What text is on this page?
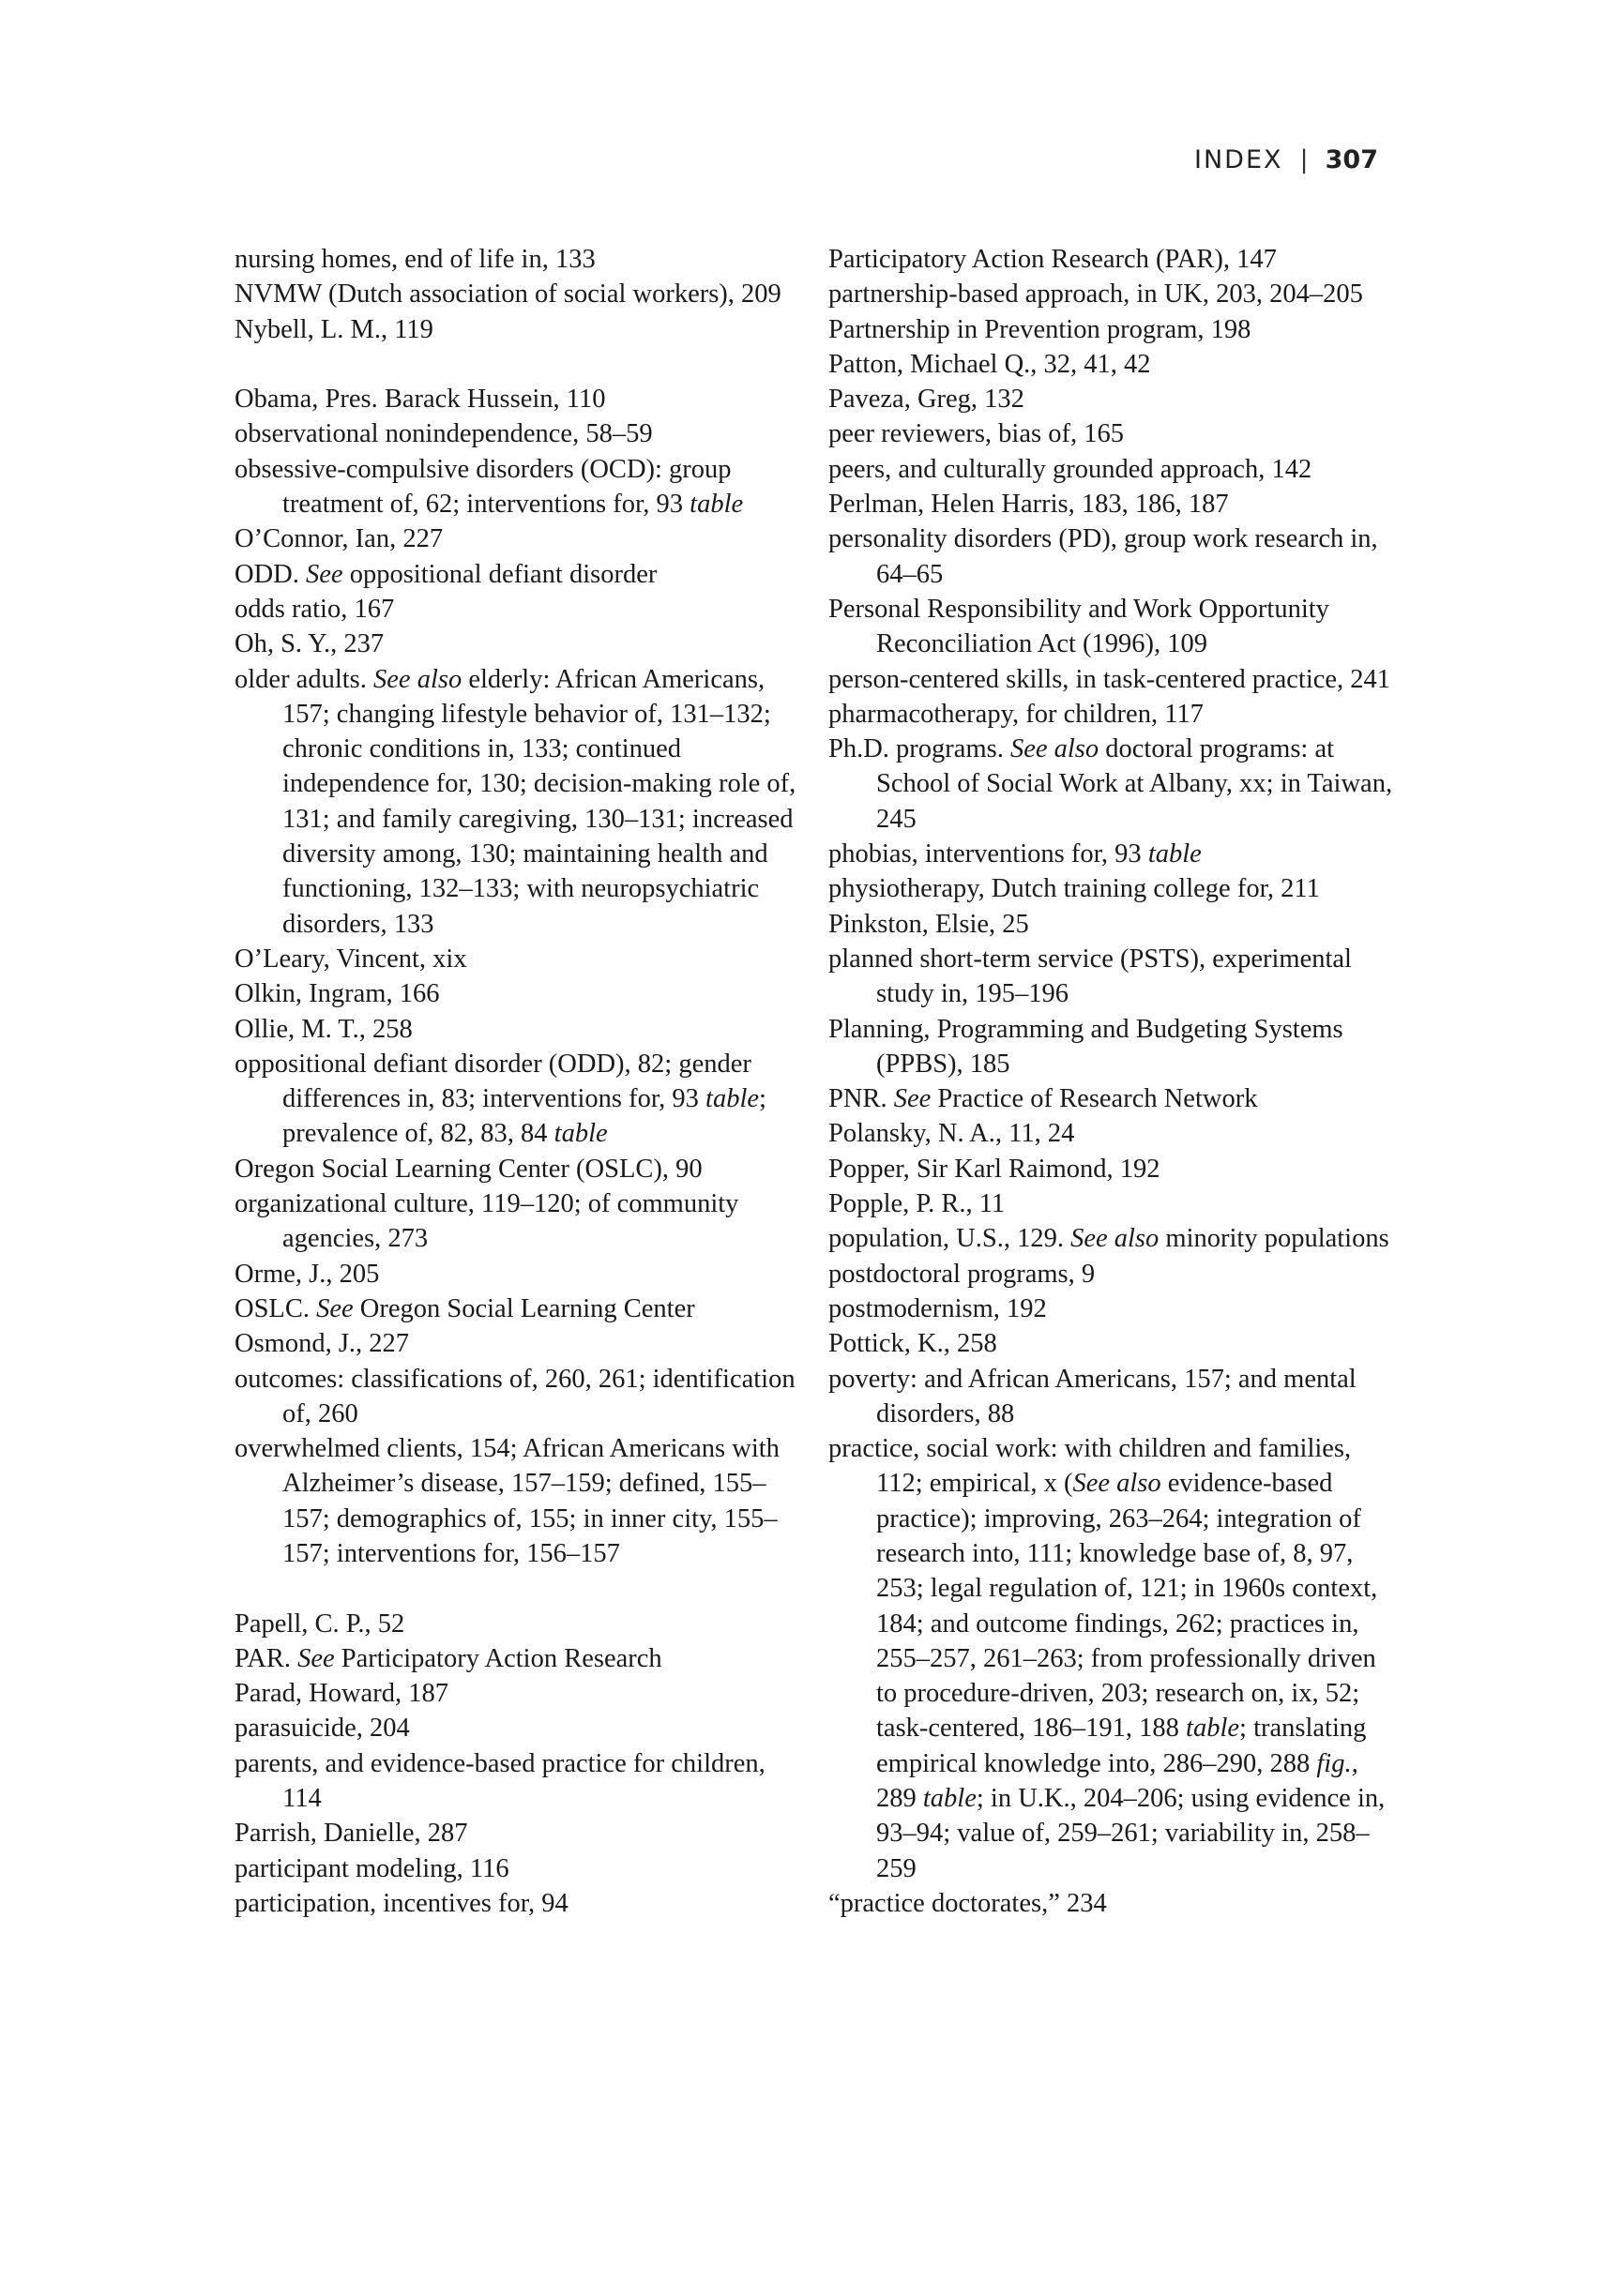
INDEX | 307
nursing homes, end of life in, 133
NVMW (Dutch association of social workers), 209
Nybell, L. M., 119
Obama, Pres. Barack Hussein, 110
observational nonindependence, 58–59
obsessive-compulsive disorders (OCD): group treatment of, 62; interventions for, 93 table
O’Connor, Ian, 227
ODD. See oppositional defiant disorder
odds ratio, 167
Oh, S. Y., 237
older adults. See also elderly: African Americans, 157; changing lifestyle behavior of, 131–132; chronic conditions in, 133; continued independence for, 130; decision-making role of, 131; and family caregiving, 130–131; increased diversity among, 130; maintaining health and functioning, 132–133; with neuropsychiatric disorders, 133
O’Leary, Vincent, xix
Olkin, Ingram, 166
Ollie, M. T., 258
oppositional defiant disorder (ODD), 82; gender differences in, 83; interventions for, 93 table; prevalence of, 82, 83, 84 table
Oregon Social Learning Center (OSLC), 90
organizational culture, 119–120; of community agencies, 273
Orme, J., 205
OSLC. See Oregon Social Learning Center
Osmond, J., 227
outcomes: classifications of, 260, 261; identification of, 260
overwhelmed clients, 154; African Americans with Alzheimer’s disease, 157–159; defined, 155–157; demographics of, 155; in inner city, 155–157; interventions for, 156–157
Papell, C. P., 52
PAR. See Participatory Action Research
Parad, Howard, 187
parasuicide, 204
parents, and evidence-based practice for children, 114
Parrish, Danielle, 287
participant modeling, 116
participation, incentives for, 94
Participatory Action Research (PAR), 147
partnership-based approach, in UK, 203, 204–205
Partnership in Prevention program, 198
Patton, Michael Q., 32, 41, 42
Paveza, Greg, 132
peer reviewers, bias of, 165
peers, and culturally grounded approach, 142
Perlman, Helen Harris, 183, 186, 187
personality disorders (PD), group work research in, 64–65
Personal Responsibility and Work Opportunity Reconciliation Act (1996), 109
person-centered skills, in task-centered practice, 241
pharmacotherapy, for children, 117
Ph.D. programs. See also doctoral programs: at School of Social Work at Albany, xx; in Taiwan, 245
phobias, interventions for, 93 table
physiotherapy, Dutch training college for, 211
Pinkston, Elsie, 25
planned short-term service (PSTS), experimental study in, 195–196
Planning, Programming and Budgeting Systems (PPBS), 185
PNR. See Practice of Research Network
Polansky, N. A., 11, 24
Popper, Sir Karl Raimond, 192
Popple, P. R., 11
population, U.S., 129. See also minority populations
postdoctoral programs, 9
postmodernism, 192
Pottick, K., 258
poverty: and African Americans, 157; and mental disorders, 88
practice, social work: with children and families, 112; empirical, x (See also evidence-based practice); improving, 263–264; integration of research into, 111; knowledge base of, 8, 97, 253; legal regulation of, 121; in 1960s context, 184; and outcome findings, 262; practices in, 255–257, 261–263; from professionally driven to procedure-driven, 203; research on, ix, 52; task-centered, 186–191, 188 table; translating empirical knowledge into, 286–290, 288 fig., 289 table; in U.K., 204–206; using evidence in, 93–94; value of, 259–261; variability in, 258–259
“practice doctorates,” 234
